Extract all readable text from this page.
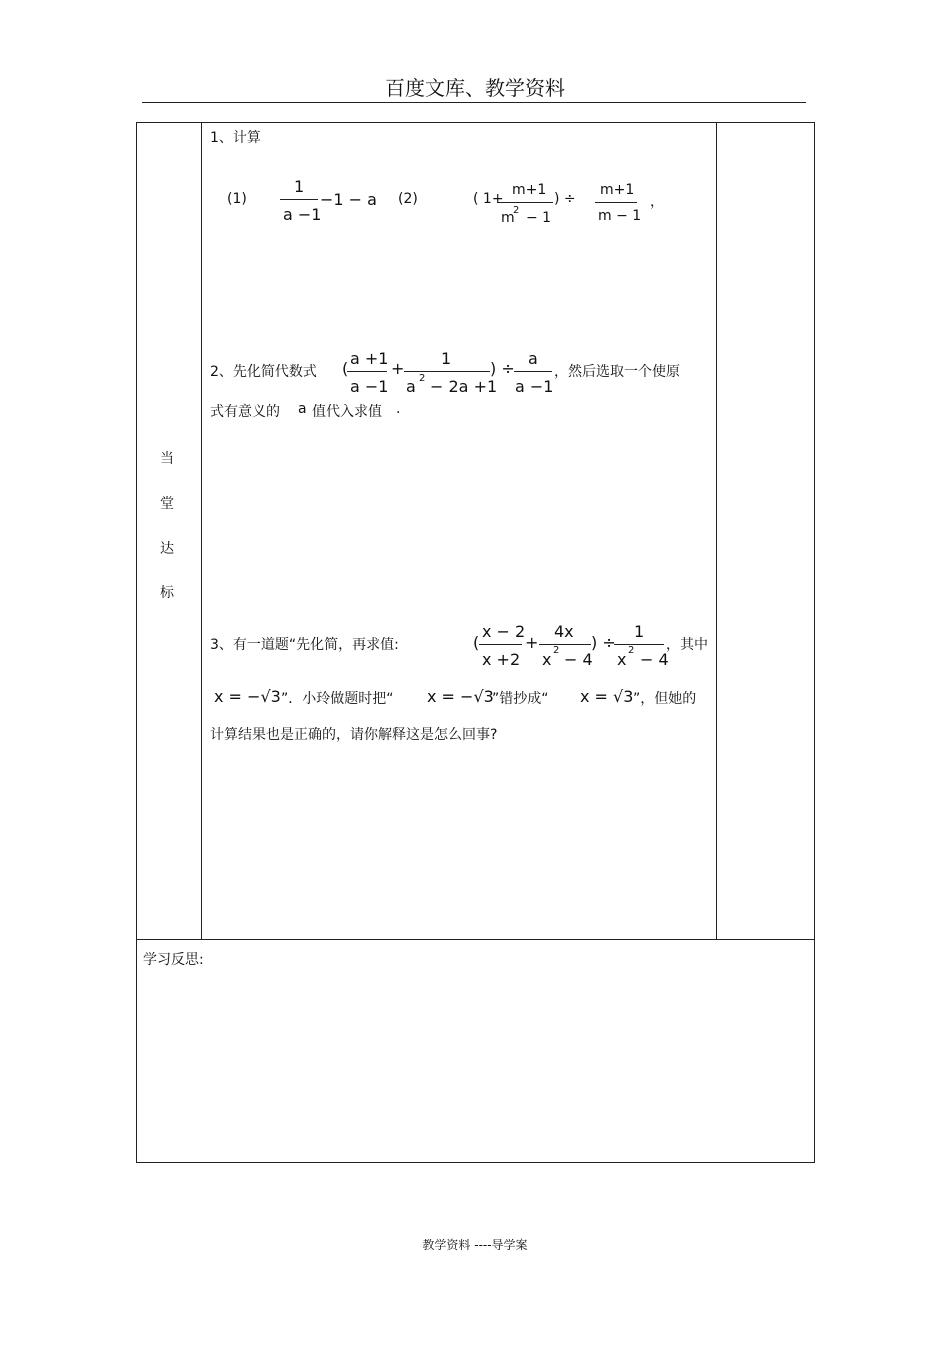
百度文库、教学资料
当
堂
达
标
1、计算
(1)
1
a −1
−1 − a (2)	( 1+
m+1
m
2 − 1
) ÷
m+1
m − 1
，
2、先化简代数式 (
a +1
a −1
+
1
a 2 − 2a +1
) ÷
a
a −1
，然后选取一个使原
式有意义的 a 值代入求值 .
3、有一道题“先化简，再求值:	(
x − 2
x +2
+
4x
x 2 − 4
) ÷
1
x 2 − 4
，其中
x = −√3 ”．小玲做题时把“ x = −√3
”错抄成“ x = √3 ”，但她的
计算结果也是正确的，请你解释这是怎么回事?
学习反思:
教学资料 ----导学案
